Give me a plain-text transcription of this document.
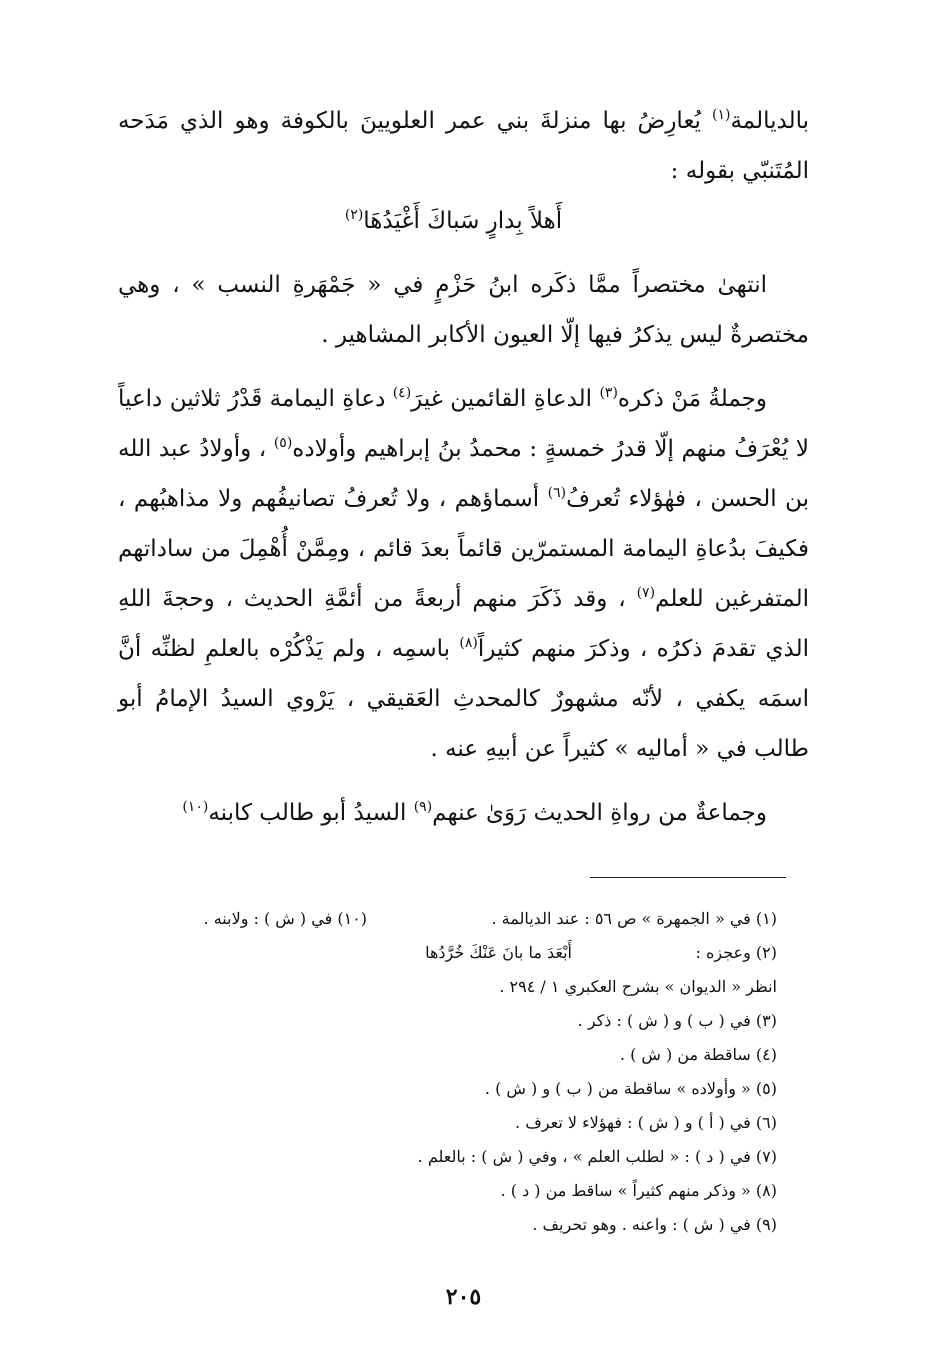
بالديالمة$^{(١)}$ يُعارِضُ بها منزلةَ بني عمر العلويينَ بالكوفة وهو الذي مَدَحه المُتَنبّي بقوله :

أَهلاً بِدارٍ سَباكَ أَغْيَدُهَا$^{(٢)}$

انتهىٰ مختصراً ممَّا ذكَره ابنُ حَزْمٍ في « جَمْهَرةِ النسب » ، وهي مختصرةٌ ليس يذكرُ فيها إلّا العيون الأكابر المشاهير .

وجملةُ مَنْ ذكره$^{(٣)}$ الدعاةِ القائمين غيرَ$^{(٤)}$ دعاةِ اليمامة قَدْرُ ثلاثين داعياً لا يُعْرَفُ منهم إلّا قدرُ خمسةٍ : محمدُ بنُ إبراهيم وأولاده$^{(٥)}$ ، وأولادُ عبد الله بن الحسن ، فهٰؤلاء تُعرفُ$^{(٦)}$ أسماؤهم ، ولا تُعرفُ تصانيفُهم ولا مذاهبُهم ، فكيفَ بدُعاةِ اليمامة المستمرّين قائماً بعدَ قائم ، ومِمَّنْ أُهْمِلَ من ساداتهم المتفرغين للعلم$^{(٧)}$ ، وقد ذَكَرَ منهم أربعةً من أئمَّةِ الحديث ، وحجةَ اللهِ الذي تقدمَ ذكرُه ، وذكرَ منهم كثيراً$^{(٨)}$ باسمِه ، ولم يَذْكُرْه بالعلمِ لظنِّه أنَّ اسمَه يكفي ، لأنّه مشهورٌ كالمحدثِ العَقيقي ، يَرْوي السيدُ الإمامُ أبو طالب في « أماليه » كثيراً عن أبيهِ عنه .

وجماعةٌ من رواةِ الحديث رَوَىٰ عنهم$^{(٩)}$ السيدُ أبو طالب كابنه$^{(١٠)}$

(١) في « الجمهرة » ص ٥٦ : عند الديالمة .
(١٠) في ( ش ) : ولابنه .
(٢) وعجزه :
أَبْعَدَ ما بانَ عَنْكَ خُرَّدُها
انظر « الديوان » بشرح العكبري ١ / ٢٩٤ .
(٣) في ( ب ) و ( ش ) : ذكر .
(٤) ساقطة من ( ش ) .
(٥) « وأولاده » ساقطة من ( ب ) و ( ش ) .
(٦) في ( أ ) و ( ش ) : فهؤلاء لا تعرف .
(٧) في ( د ) : « لطلب العلم » ، وفي ( ش ) : بالعلم .
(٨) « وذكر منهم كثيراً » ساقط من ( د ) .
(٩) في ( ش ) : واعنه . وهو تحريف .
٢٠٥
